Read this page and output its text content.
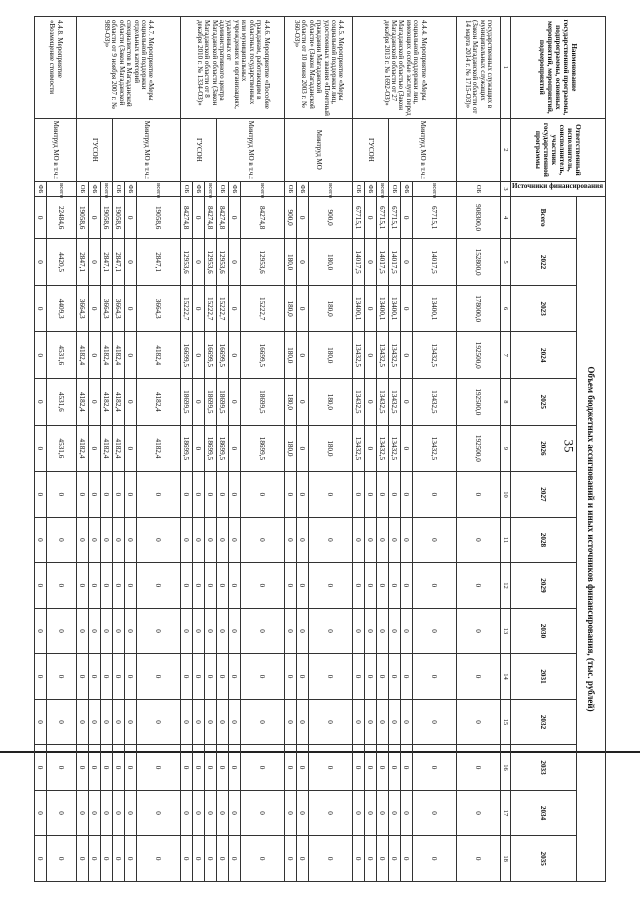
35
Наименование государственной программы, подпрограммы, основных мероприятий, мероприятий, подмероприятий	Ответственный исполнитель, соисполнитель, участник государственной программы	Источники финансирования	Объем бюджетных ассигнований и иных источников финансирования, (тыс. рублей)														
			Всего	2022	2023	2024	2025	2026	2027	2028	2029	2030	2031	2032	2033	2034	2035
1	2	3	4	5	6	7	8	9	10	11	12	13	14	15	16	17	18
государственных служащих в муниципальных служащих (Закон Магаданской области от 14 марта 2014 г. № 1715-ОЗ)»		ОБ	908300,0	152800,0	178000,0	192500,0	192500,0	192500,0	0	0	0	0	0	0	0	0	0
4.4.4. Мероприятие «Меры социальной поддержки лиц, имеющих особые заслуги перед Магаданской областью (Закон Магаданской области от 27 декабря 2013 г. № 1692-ОЗ)»	Минтруд МО в т.ч.:	всего	67715,1	14017,5	13400,1	13432,5	13432,5	13432,5	0	0	0	0	0	0	0	0	0
		ФБ	0	0	0	0	0	0	0	0	0	0	0	0	0	0	0
		ОБ	67715,1	14017,5	13400,1	13432,5	13432,5	13432,5	0	0	0	0	0	0	0	0	0
	ГУСОН	всего	67715,1	14017,5	13400,1	13432,5	13432,5	13432,5	0	0	0	0	0	0	0	0	0
		ФБ	0	0	0	0	0	0	0	0	0	0	0	0	0	0	0
		ОБ	67715,1	14017,5	13400,1	13432,5	13432,5	13432,5	0	0	0	0	0	0	0	0	0
4.4.5. Мероприятие «Меры социальной поддержки лиц, удостоенных звания «Почетный гражданин Магаданской области» (Закон Магаданской области от 10 июня 2003 г. № 360-ОЗ)»	Минтруд МО	всего	900,0	180,0	180,0	180,0	180,0	180,0	0	0	0	0	0	0	0	0	0
		ФБ	0	0	0	0	0	0	0	0	0	0	0	0	0	0	0
		ОБ	900,0	180,0	180,0	180,0	180,0	180,0	0	0	0	0	0	0	0	0	0
4.4.6. Мероприятие «Пособие гражданам, работающим в областных государственных или муниципальных учреждениях и организациях, удаленных от административного центра Магаданской области (Закон Магаданской области от 8 декабря 2010 г. № 1334-ОЗ)»	Минтруд МО в т.ч.:	всего	84274,8	12953,6	15222,7	16699,5	18699,5	18699,5	0	0	0	0	0	0	0	0	0
		ФБ	0	0	0	0	0	0	0	0	0	0	0	0	0	0	0
		ОБ	84274,8	12953,6	15222,7	16699,5	18699,5	18699,5	0	0	0	0	0	0	0	0	0
	ГУСОН	всего	84274,8	12953,6	15222,7	16699,5	18699,5	18699,5	0	0	0	0	0	0	0	0	0
		ФБ	0	0	0	0	0	0	0	0	0	0	0	0	0	0	0
		ОБ	84274,8	12953,6	15222,7	16699,5	18699,5	18699,5	0	0	0	0	0	0	0	0	0
4.4.7. Мероприятие «Меры социальной поддержки отдельных категорий специалистов в Магаданской области (Закон Магаданской области от 9 ноября 2007 г. № 989-ОЗ)»	Минтруд МО в т.ч.:	всего	19058,6	2847,1	3664,3	4182,4	4182,4	4182,4	0	0	0	0	0	0	0	0	0
		ФБ	0	0	0	0	0	0	0	0	0	0	0	0	0	0	0
		ОБ	19058,6	2847,1	3664,3	4182,4	4182,4	4182,4	0	0	0	0	0	0	0	0	0
	ГУСОН	всего	19058,6	2847,1	3664,3	4182,4	4182,4	4182,4	0	0	0	0	0	0	0	0	0
		ФБ	0	0	0	0	0	0	0	0	0	0	0	0	0	0	0
		ОБ	19058,6	2847,1	3664,3	4182,4	4182,4	4182,4	0	0	0	0	0	0	0	0	0
4.4.8. Мероприятие «Возмещение стоимости	Минтруд МО в т.ч.:	всего	22484,6	4420,5	4409,3	4531,6	4531,6	4531,6	0	0	0	0	0	0	0	0	0
		ФБ	0	0	0	0	0	0	0	0	0	0	0	0	0	0	0
